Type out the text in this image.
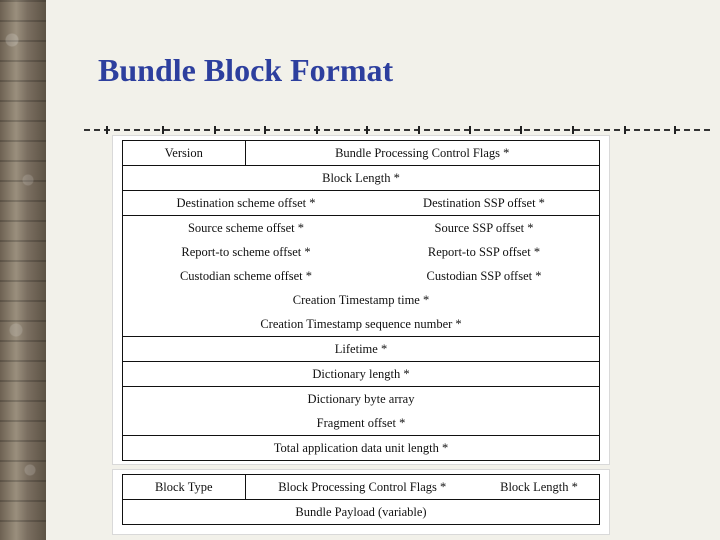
Bundle Block Format
Version	Bundle Processing Control Flags *	
Block Length *		
Destination scheme offset *		Destination SSP offset *
Source scheme offset *		Source SSP offset *
Report-to scheme offset *		Report-to SSP offset *
Custodian scheme offset *		Custodian SSP offset *
Creation Timestamp time *		
Creation Timestamp sequence number *		
Lifetime *		
Dictionary length *		
Dictionary byte array		
Fragment offset *		
Total application data unit length *		
Block Type	Block Processing Control Flags *	Block Length *
Bundle Payload (variable)
